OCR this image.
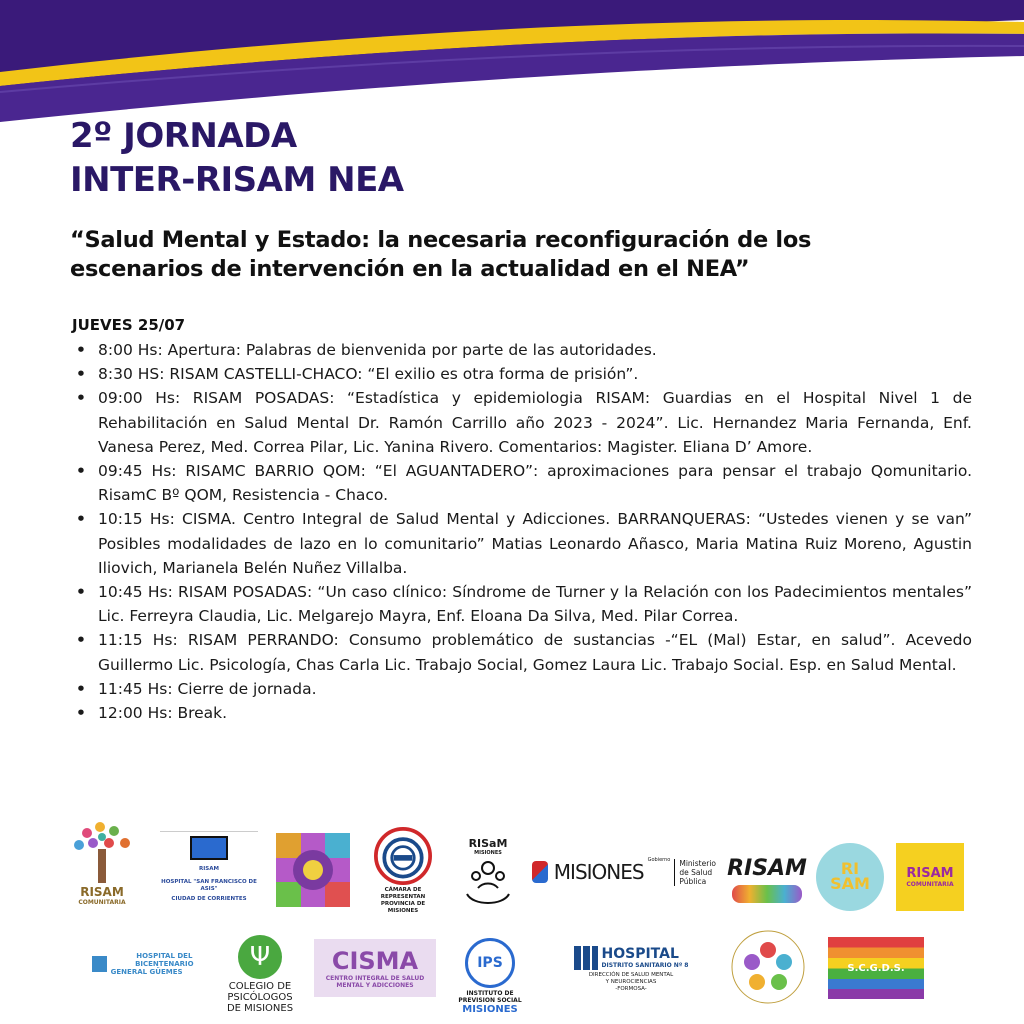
2º JORNADA
INTER-RISAM NEA
“Salud Mental y Estado: la necesaria reconfiguración de los
escenarios de intervención en la actualidad en el NEA”
JUEVES 25/07
• 8:00 Hs: Apertura: Palabras de bienvenida por parte de las autoridades.
• 8:30 HS: RISAM CASTELLI-CHACO: “El exilio es otra forma de prisión”.
• 09:00 Hs: RISAM POSADAS: “Estadística y epidemiologia RISAM: Guardias en el Hospital Nivel 1 de Rehabilitación en Salud Mental Dr. Ramón Carrillo año 2023 - 2024”. Lic. Hernandez Maria Fernanda, Enf. Vanesa Perez, Med. Correa Pilar, Lic. Yanina Rivero. Comentarios: Magister. Eliana D’ Amore.
• 09:45 Hs: RISAMC BARRIO QOM: “El AGUANTADERO”: aproximaciones para pensar el trabajo Qomunitario. RisamC Bº QOM, Resistencia - Chaco.
• 10:15 Hs: CISMA. Centro Integral de Salud Mental y Adicciones. BARRANQUERAS: “Ustedes vienen y se van” Posibles modalidades de lazo en lo comunitario” Matias Leonardo Añasco, Maria Matina Ruiz Moreno, Agustin Iliovich, Marianela Belén Nuñez Villalba.
• 10:45 Hs: RISAM POSADAS: “Un caso clínico: Síndrome de Turner y la Relación con los Padecimientos mentales” Lic. Ferreyra Claudia, Lic. Melgarejo Mayra, Enf. Eloana Da Silva, Med. Pilar Correa.
• 11:15 Hs: RISAM PERRANDO: Consumo problemático de sustancias -“EL (Mal) Estar, en salud”. Acevedo Guillermo Lic. Psicología, Chas Carla Lic. Trabajo Social, Gomez Laura Lic. Trabajo Social. Esp. en Salud Mental.
• 11:45 Hs: Cierre de jornada.
• 12:00 Hs: Break.
RISAM
COMUNITARIA
RISAM
HOSPITAL "SAN FRANCISCO DE ASIS"
CIUDAD DE CORRIENTES
CÁMARA DE REPRESENTAN
PROVINCIA DE MISIONES
RISaM
MISIONES
MISIONES Gobierno	Ministerio de Salud Pública
RISAM RI
SAM
RISAM
COMUNITARIA
HOSPITAL DEL BICENTENARIO
GENERAL GÜEMES
Ψ
COLEGIO DE
PSICÓLOGOS
DE MISIONES
CISMA
CENTRO INTEGRAL DE SALUD
MENTAL Y ADICCIONES
IPS
INSTITUTO DE
PREVISION SOCIAL
MISIONES
HOSPITAL
DISTRITO SANITARIO Nº 8
DIRECCIÓN DE SALUD MENTAL
Y NEUROCIENCIAS
-FORMOSA-
S.C.G.D.S.
